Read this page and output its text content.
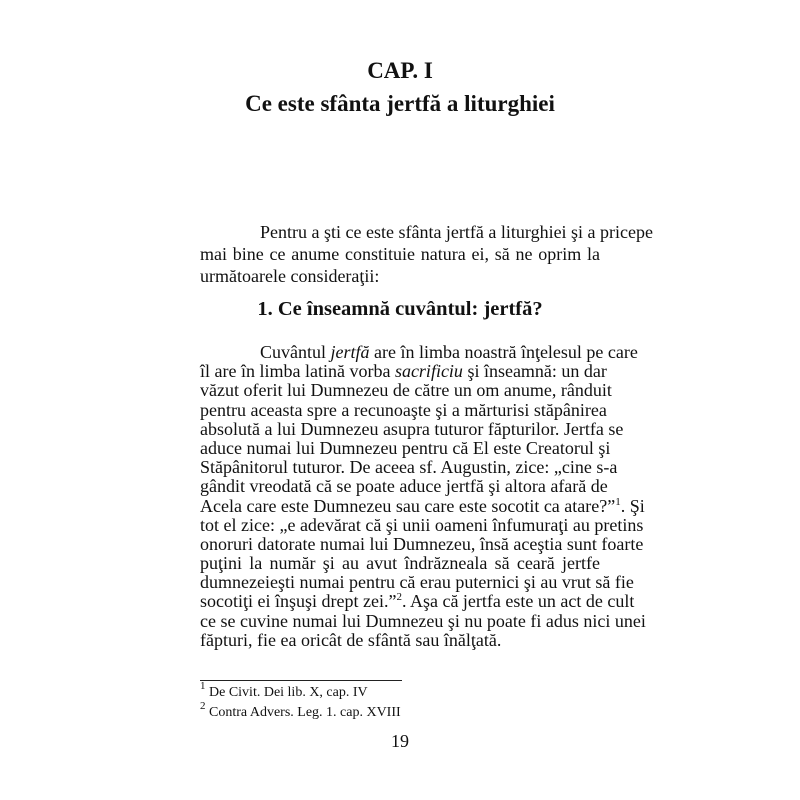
CAP. I
Ce este sfânta jertfă a liturghiei
Pentru a şti ce este sfânta jertfă a liturghiei şi a pricepe
mai bine ce anume constituie natura ei, să ne oprim la
următoarele consideraţii:
1. Ce înseamnă cuvântul: jertfă?
Cuvântul jertfă are în limba noastră înţelesul pe care
îl are în limba latină vorba sacrificiu şi înseamnă: un dar
văzut oferit lui Dumnezeu de către un om anume, rânduit
pentru aceasta spre a recunoaşte şi a mărturisi stăpânirea
absolută a lui Dumnezeu asupra tuturor făpturilor. Jertfa se
aduce numai lui Dumnezeu pentru că El este Creatorul şi
Stăpânitorul tuturor. De aceea sf. Augustin, zice: „cine s-a
gândit vreodată că se poate aduce jertfă şi altora afară de
Acela care este Dumnezeu sau care este socotit ca atare?”$^1$. Şi
tot el zice: „e adevărat că şi unii oameni înfumuraţi au pretins
onoruri datorate numai lui Dumnezeu, însă aceştia sunt foarte
puţini la număr şi au avut îndrăzneala să ceară jertfe
dumnezeieşti numai pentru că erau puternici şi au vrut să fie
socotiţi ei înşuşi drept zei.”$^2$. Aşa că jertfa este un act de cult
ce se cuvine numai lui Dumnezeu şi nu poate fi adus nici unei
făpturi, fie ea oricât de sfântă sau înălţată.
$^1$ De Civit. Dei lib. X, cap. IV
$^2$ Contra Advers. Leg. 1. cap. XVIII
19
